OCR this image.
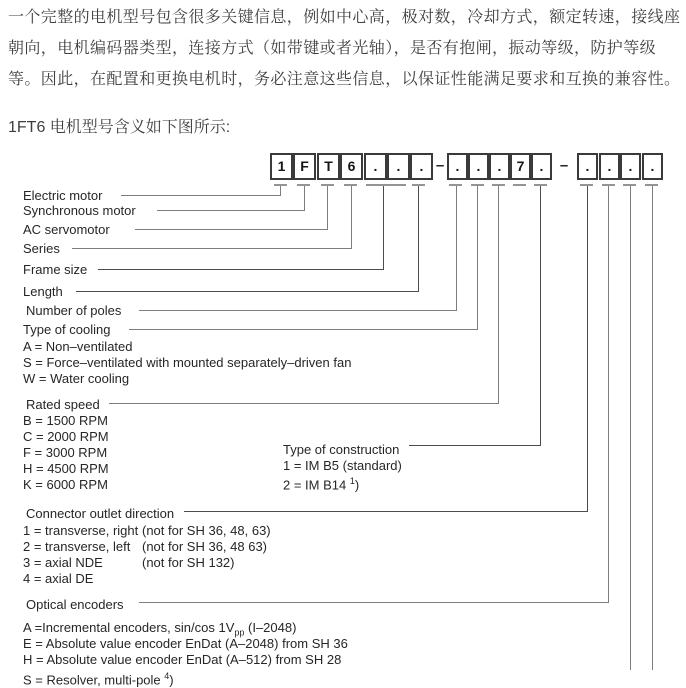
一个完整的电机型号包含很多关键信息，例如中心高，极对数，冷却方式，额定转速，接线座
朝向，电机编码器类型，连接方式（如带键或者光轴），是否有抱闸，振动等级，防护等级
等。因此，在配置和更换电机时，务必注意这些信息，以保证性能满足要求和互换的兼容性。
1FT6 电机型号含义如下图所示:
1	F	T	6	.	.	. – .	.	.	7	.	–	.	.	.	.
Electric motor
Synchronous motor
AC servomotor
Series
Frame size
Length
Number of poles
Type of cooling
A = Non–ventilated
S = Force–ventilated with mounted separately–driven fan
W = Water cooling
Rated speed
B = 1500 RPM
C = 2000 RPM
F = 3000 RPM
H = 4500 RPM
K = 6000 RPM
Type of construction
1 = IM B5 (standard)
2 = IM B14 $^1$)
Connector outlet direction
1 = transverse, right (not for SH 36, 48, 63)
2 = transverse, left (not for SH 36, 48 63)
3 = axial NDE	(not for SH 132)
4 = axial DE
Optical encoders
A =Incremental encoders, sin/cos $1V_{pp}$ (I–2048)
E = Absolute value encoder EnDat (A–2048) from SH 36
H = Absolute value encoder EnDat (A–512) from SH 28
S = Resolver, multi-pole $^4$)
